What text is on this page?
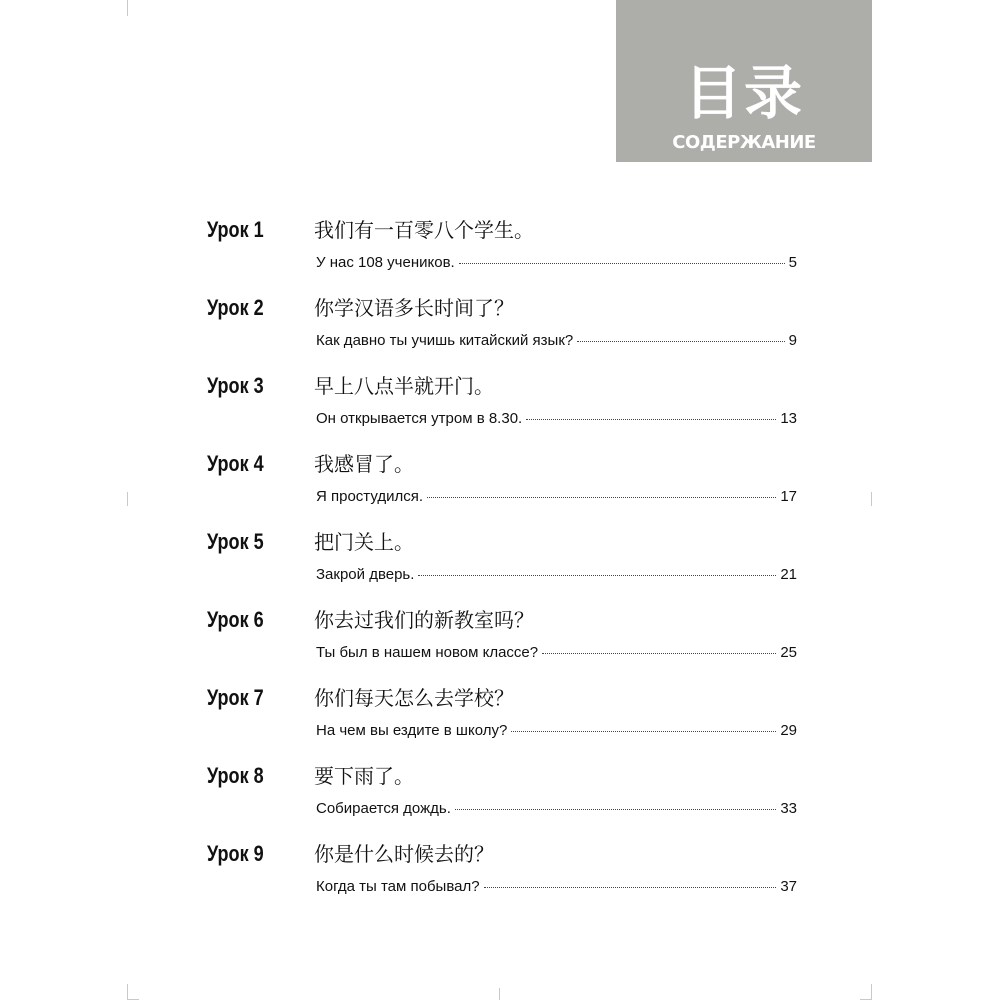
目录
СОДЕРЖАНИЕ
Урок 1	我们有一百零八个学生。
У нас 108 учеников.	5
Урок 2	你学汉语多长时间了？
Как давно ты учишь китайский язык?	9
Урок 3	早上八点半就开门。
Он открывается утром в 8.30.	13
Урок 4	我感冒了。
Я простудился.	17
Урок 5	把门关上。
Закрой дверь.	21
Урок 6	你去过我们的新教室吗？
Ты был в нашем новом классе?	25
Урок 7	你们每天怎么去学校？
На чем вы ездите в школу?	29
Урок 8	要下雨了。
Собирается дождь.	33
Урок 9	你是什么时候去的？
Когда ты там побывал?	37
